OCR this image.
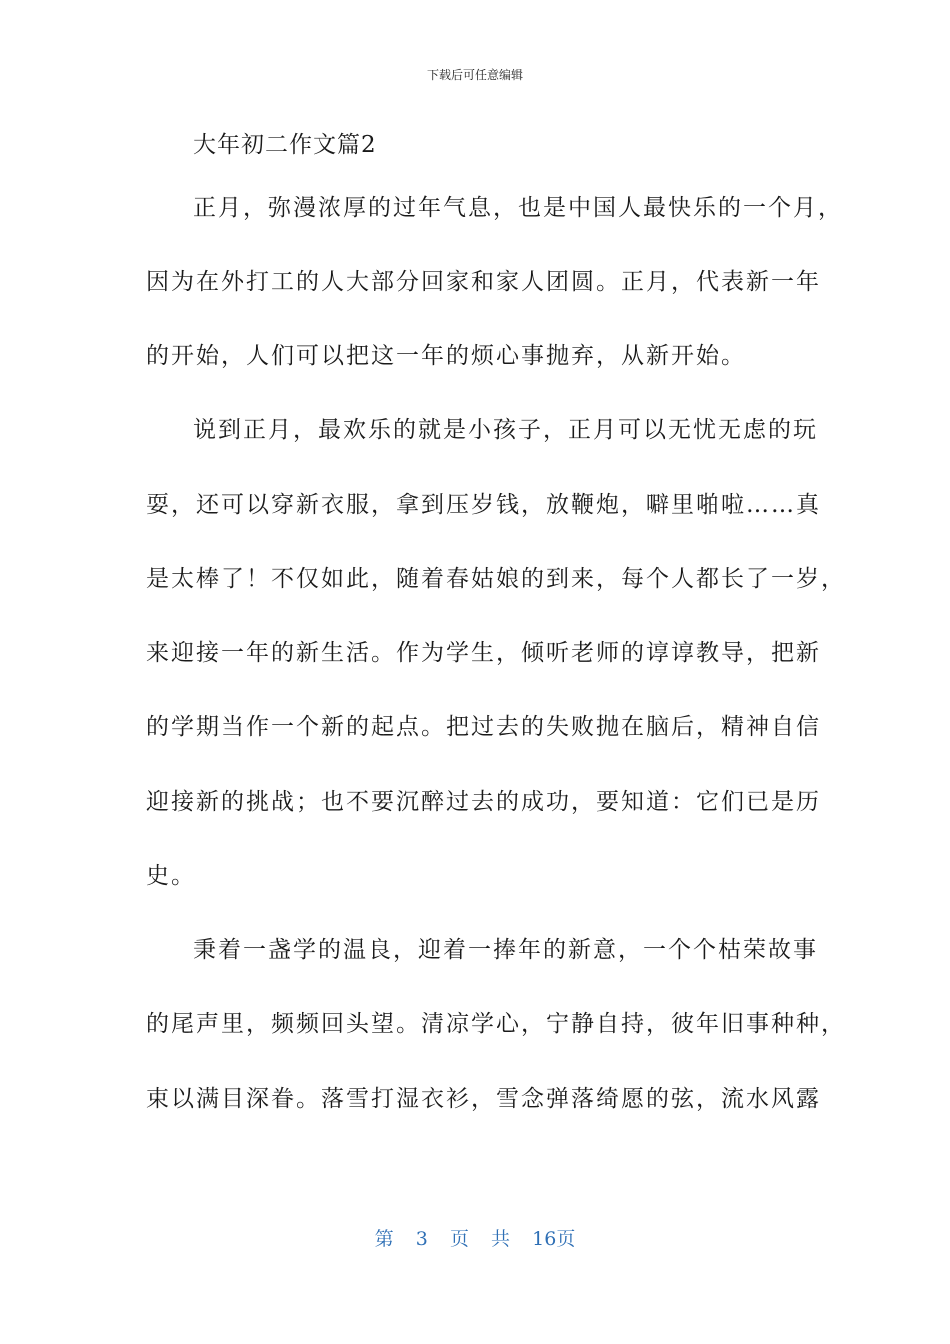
下载后可任意编辑
大年初二作文篇2
正月，弥漫浓厚的过年气息，也是中国人最快乐的一个月，
因为在外打工的人大部分回家和家人团圆。正月，代表新一年
的开始，人们可以把这一年的烦心事抛弃，从新开始。
说到正月，最欢乐的就是小孩子，正月可以无忧无虑的玩
耍，还可以穿新衣服，拿到压岁钱，放鞭炮，噼里啪啦……真
是太棒了！不仅如此，随着春姑娘的到来，每个人都长了一岁，
来迎接一年的新生活。作为学生，倾听老师的谆谆教导，把新
的学期当作一个新的起点。把过去的失败抛在脑后，精神自信
迎接新的挑战；也不要沉醉过去的成功，要知道：它们已是历
史。
秉着一盏学的温良，迎着一捧年的新意，一个个枯荣故事
的尾声里，频频回头望。清凉学心，宁静自持，彼年旧事种种，
束以满目深眷。落雪打湿衣衫，雪念弹落绮愿的弦，流水风露
第 3 页 共 16页
